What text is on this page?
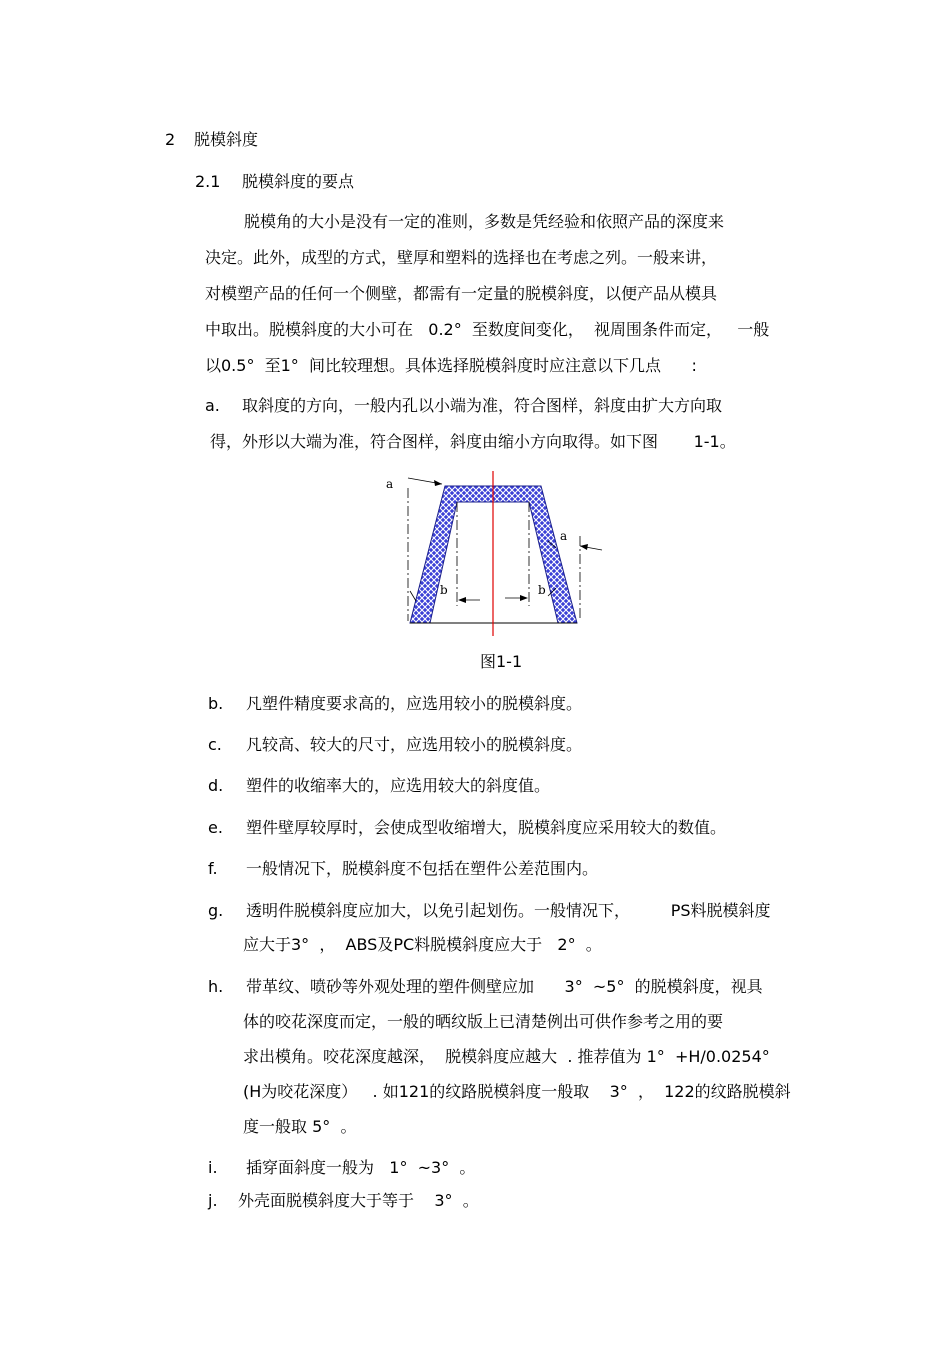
2 脱模斜度
2.1 脱模斜度的要点
脱模角的大小是没有一定的准则，多数是凭经验和依照产品的深度来
决定。此外，成型的方式，壁厚和塑料的选择也在考虑之列。一般来讲，
对模塑产品的任何一个侧壁，都需有一定量的脱模斜度，以便产品从模具
中取出。脱模斜度的大小可在   0.2°  至数度间变化，  视周围条件而定，   一般
以0.5°  至1°  间比较理想。具体选择脱模斜度时应注意以下几点      :
a. 取斜度的方向，一般内孔以小端为准，符合图样，斜度由扩大方向取
得，外形以大端为准，符合图样，斜度由缩小方向取得。如下图       1-1。
a
b
a
b
图1-1
b. 凡塑件精度要求高的，应选用较小的脱模斜度。
c. 凡较高、较大的尺寸，应选用较小的脱模斜度。
d. 塑件的收缩率大的，应选用较大的斜度值。
e. 塑件壁厚较厚时，会使成型收缩增大，脱模斜度应采用较大的数值。
f. 一般情况下，脱模斜度不包括在塑件公差范围内。
g. 透明件脱模斜度应加大，以免引起划伤。一般情况下，        PS料脱模斜度
应大于3°  ，  ABS及PC料脱模斜度应大于   2°  。
h. 带革纹、喷砂等外观处理的塑件侧壁应加      3°  ~5°  的脱模斜度，视具
体的咬花深度而定，一般的晒纹版上已清楚例出可供作参考之用的要
求出模角。咬花深度越深，  脱模斜度应越大  . 推荐值为 1°  +H/0.0254°
(H为咬花深度）   . 如121的纹路脱模斜度一般取    3°  ，  122的纹路脱模斜
度一般取 5°  。
i. 插穿面斜度一般为   1°  ~3°  。
j. 外壳面脱模斜度大于等于    3°  。
